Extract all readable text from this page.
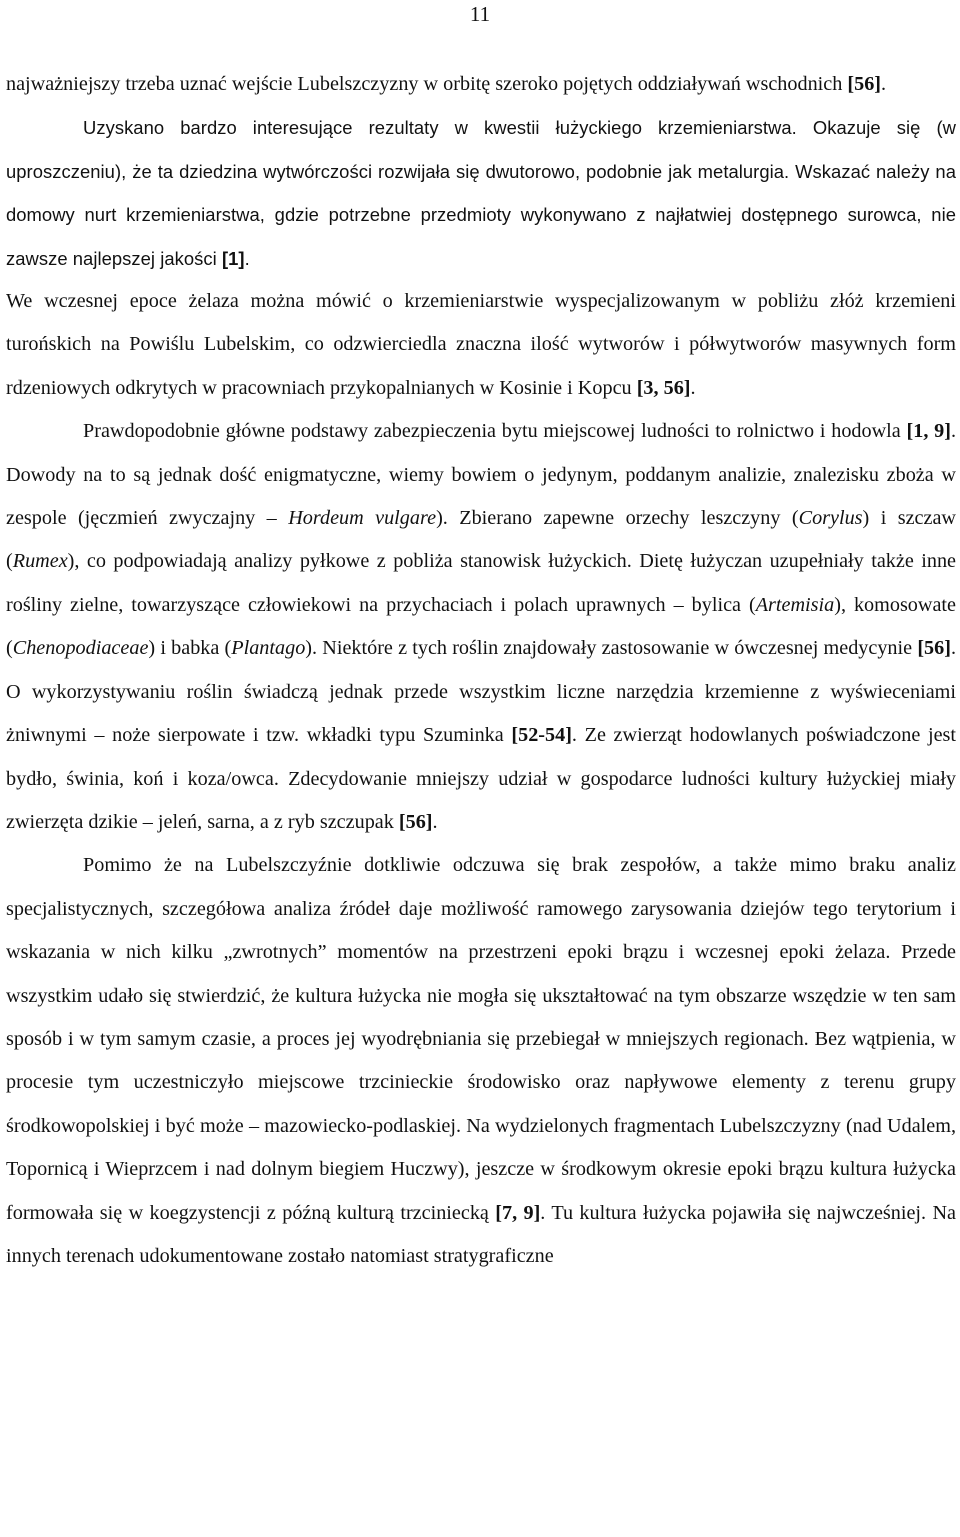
11

najważniejszy trzeba uznać wejście Lubelszczyzny w orbitę szeroko pojętych oddziaływań wschodnich [56].

Uzyskano bardzo interesujące rezultaty w kwestii łużyckiego krzemieniarstwa. Okazuje się (w uproszczeniu), że ta dziedzina wytwórczości rozwijała się dwutorowo, podobnie jak metalurgia. Wskazać należy na domowy nurt krzemieniarstwa, gdzie potrzebne przedmioty wykonywano z najłatwiej dostępnego surowca, nie zawsze najlepszej jakości [1].

We wczesnej epoce żelaza można mówić o krzemieniarstwie wyspecjalizowanym w pobliżu złóż krzemieni turońskich na Powiślu Lubelskim, co odzwierciedla znaczna ilość wytworów i półwytworów masywnych form rdzeniowych odkrytych w pracowniach przykopalnianych w Kosinie i Kopcu [3, 56].

Prawdopodobnie główne podstawy zabezpieczenia bytu miejscowej ludności to rolnictwo i hodowla [1, 9]. Dowody na to są jednak dość enigmatyczne, wiemy bowiem o jedynym, poddanym analizie, znalezisku zboża w zespole (jęczmień zwyczajny – Hordeum vulgare). Zbierano zapewne orzechy leszczyny (Corylus) i szczaw (Rumex), co podpowiadają analizy pyłkowe z pobliża stanowisk łużyckich. Dietę łużyczan uzupełniały także inne rośliny zielne, towarzyszące człowiekowi na przychaciach i polach uprawnych – bylica (Artemisia), komosowate (Chenopodiaceae) i babka (Plantago). Niektóre z tych roślin znajdowały zastosowanie w ówczesnej medycynie [56]. O wykorzystywaniu roślin świadczą jednak przede wszystkim liczne narzędzia krzemienne z wyświeceniami żniwnymi – noże sierpowate i tzw. wkładki typu Szuminka [52-54]. Ze zwierząt hodowlanych poświadczone jest bydło, świnia, koń i koza/owca. Zdecydowanie mniejszy udział w gospodarce ludności kultury łużyckiej miały zwierzęta dzikie – jeleń, sarna, a z ryb szczupak [56].

Pomimo że na Lubelszczyźnie dotkliwie odczuwa się brak zespołów, a także mimo braku analiz specjalistycznych, szczegółowa analiza źródeł daje możliwość ramowego zarysowania dziejów tego terytorium i wskazania w nich kilku „zwrotnych” momentów na przestrzeni epoki brązu i wczesnej epoki żelaza. Przede wszystkim udało się stwierdzić, że kultura łużycka nie mogła się ukształtować na tym obszarze wszędzie w ten sam sposób i w tym samym czasie, a proces jej wyodrębniania się przebiegał w mniejszych regionach. Bez wątpienia, w procesie tym uczestniczyło miejscowe trzcinieckie środowisko oraz napływowe elementy z terenu grupy środkowopolskiej i być może – mazowiecko-podlaskiej. Na wydzielonych fragmentach Lubelszczyzny (nad Udalem, Topornicą i Wieprzcem i nad dolnym biegiem Huczwy), jeszcze w środkowym okresie epoki brązu kultura łużycka formowała się w koegzystencji z późną kulturą trzciniecką [7, 9]. Tu kultura łużycka pojawiła się najwcześniej. Na innych terenach udokumentowane zostało natomiast stratygraficzne
